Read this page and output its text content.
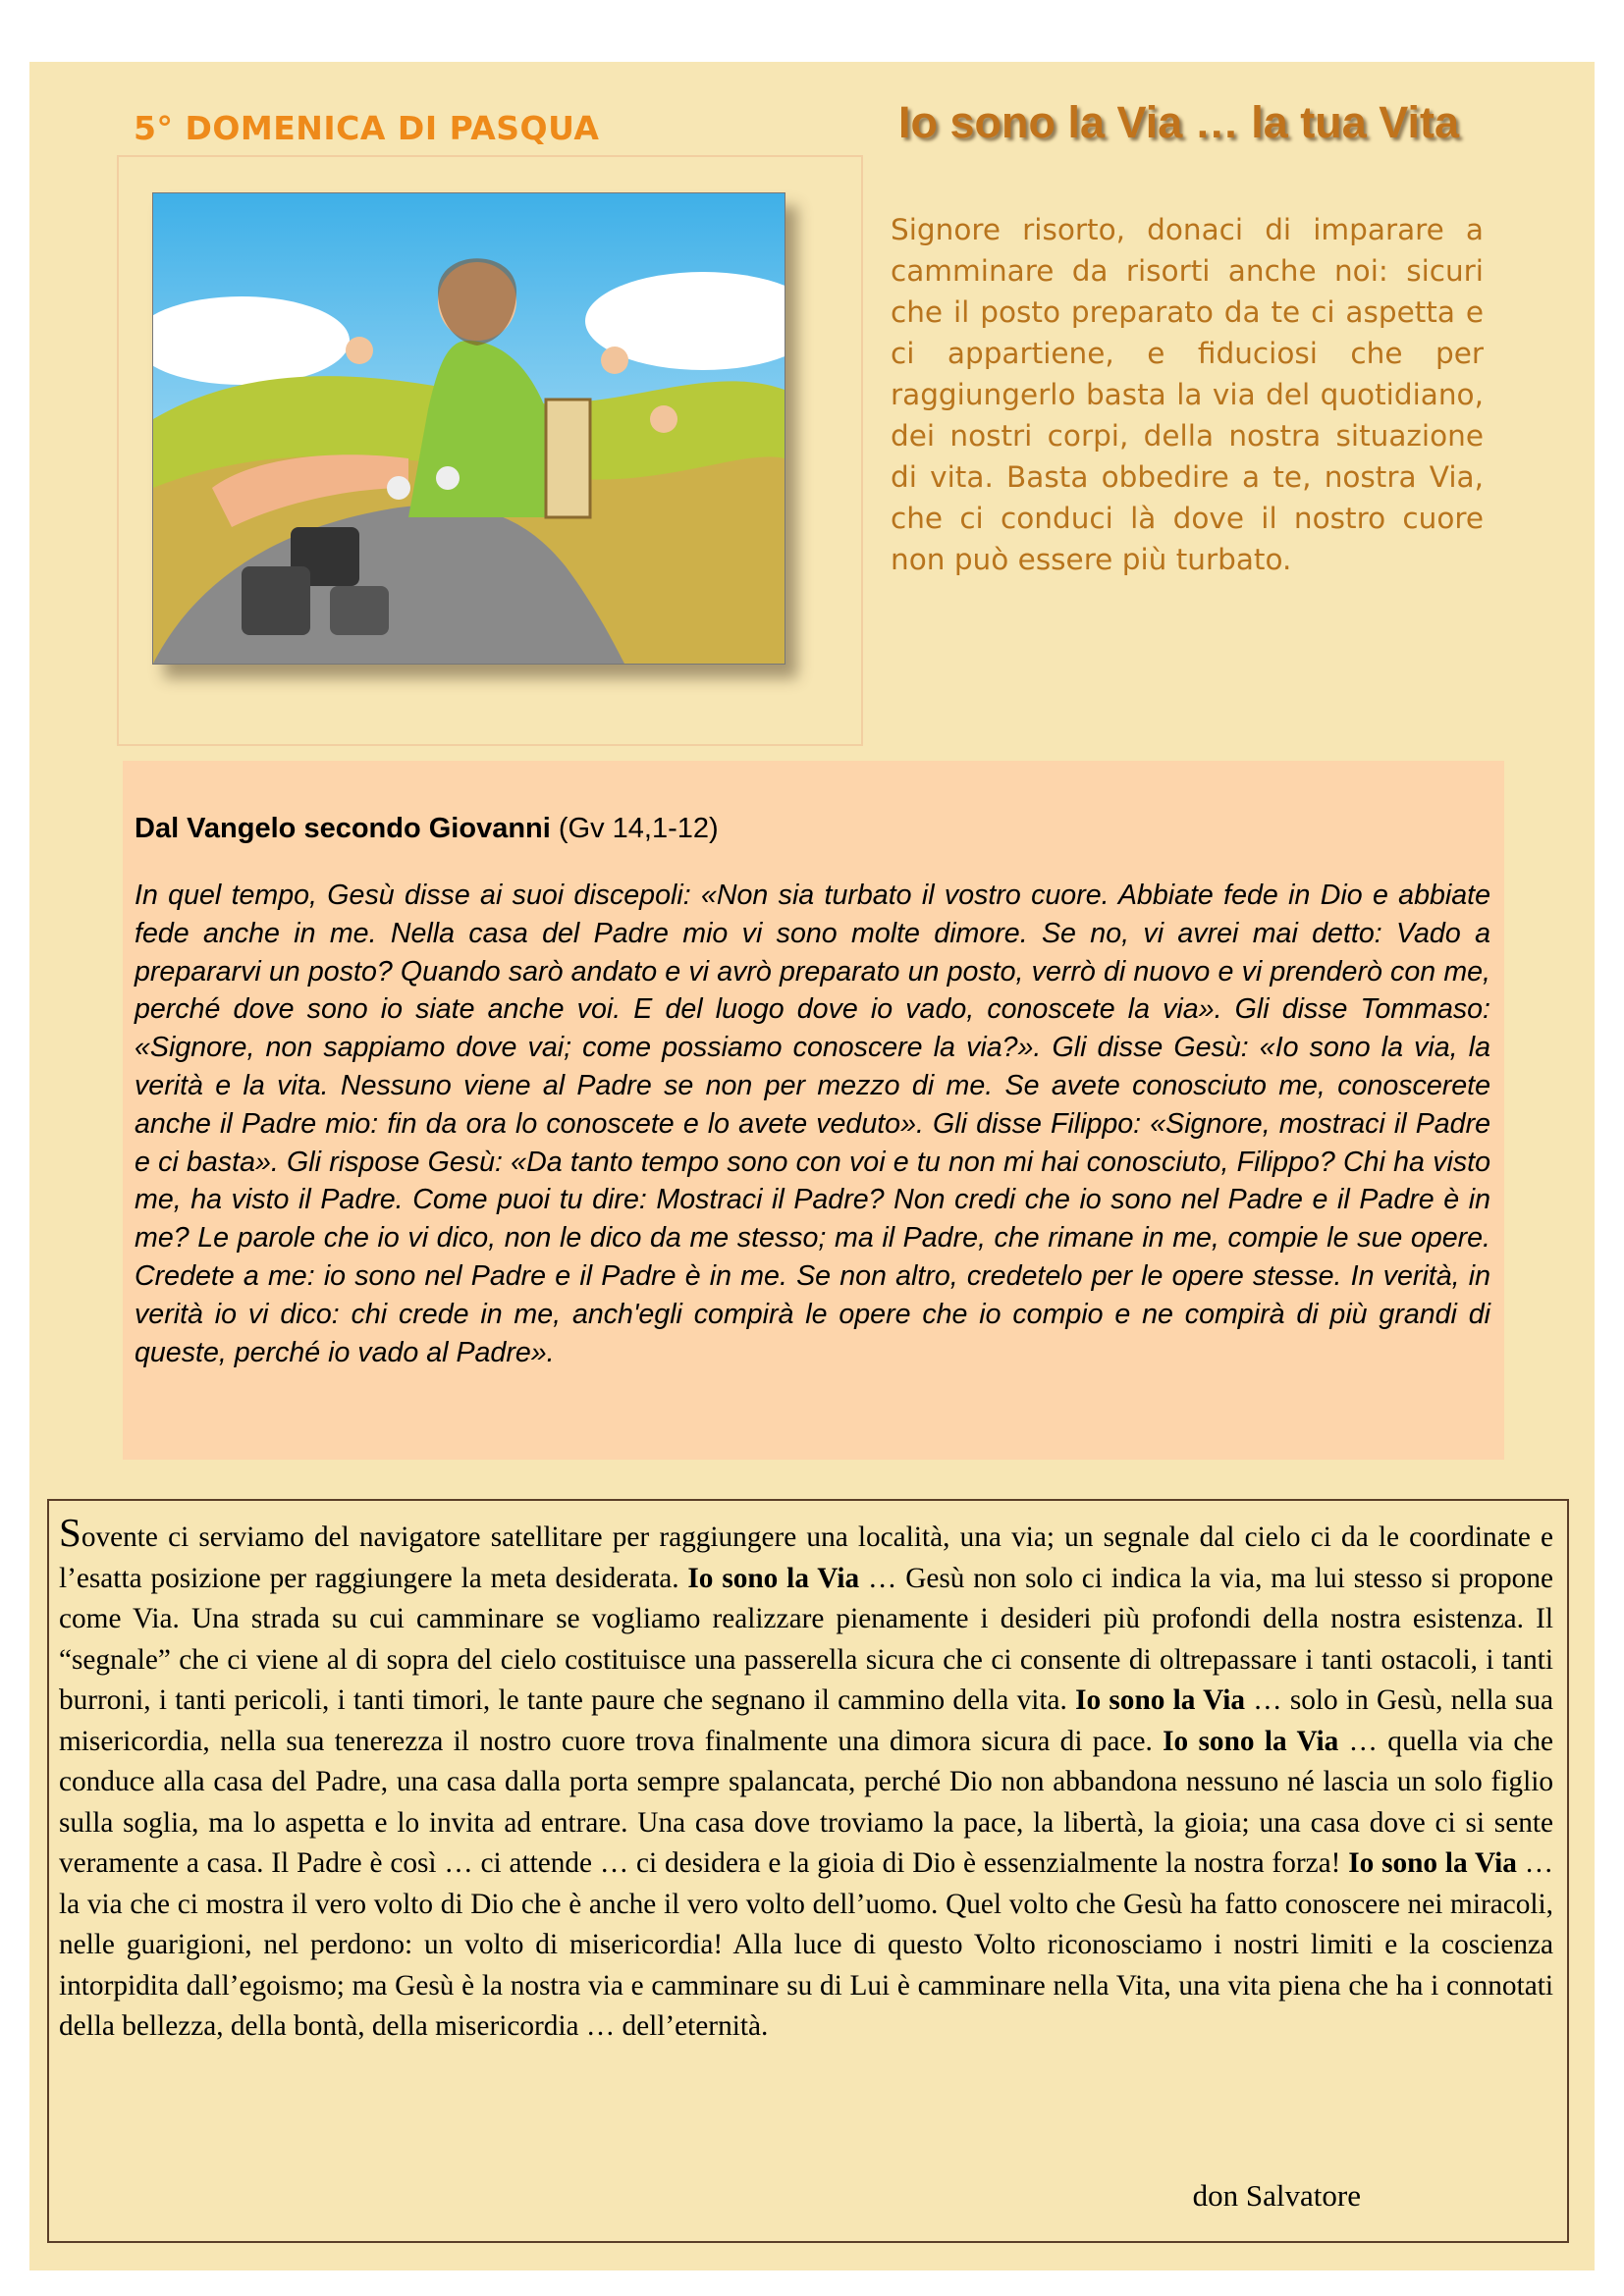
5° DOMENICA DI PASQUA	Io sono la Via … la tua Vita
Signore risorto, donaci di imparare a camminare da risorti anche noi: sicuri che il posto preparato da te ci aspetta e ci appartiene, e fiduciosi che per raggiungerlo basta la via del quotidiano, dei nostri corpi, della nostra situazione di vita. Basta obbedire a te, nostra Via, che ci conduci là dove il nostro cuore non può essere più turbato.
Dal Vangelo secondo Giovanni (Gv 14,1-12)
In quel tempo, Gesù disse ai suoi discepoli: «Non sia turbato il vostro cuore. Abbiate fede in Dio e abbiate fede anche in me. Nella casa del Padre mio vi sono molte dimore. Se no, vi avrei mai detto: Vado a prepararvi un posto? Quando sarò andato e vi avrò preparato un posto, verrò di nuovo e vi prenderò con me, perché dove sono io siate anche voi. E del luogo dove io vado, conoscete la via». Gli disse Tommaso: «Signore, non sappiamo dove vai; come possiamo conoscere la via?». Gli disse Gesù: «Io sono la via, la verità e la vita. Nessuno viene al Padre se non per mezzo di me. Se avete conosciuto me, conoscerete anche il Padre mio: fin da ora lo conoscete e lo avete veduto». Gli disse Filippo: «Signore, mostraci il Padre e ci basta». Gli rispose Gesù: «Da tanto tempo sono con voi e tu non mi hai conosciuto, Filippo? Chi ha visto me, ha visto il Padre. Come puoi tu dire: Mostraci il Padre? Non credi che io sono nel Padre e il Padre è in me? Le parole che io vi dico, non le dico da me stesso; ma il Padre, che rimane in me, compie le sue opere. Credete a me: io sono nel Padre e il Padre è in me. Se non altro, credetelo per le opere stesse. In verità, in verità io vi dico: chi crede in me, anch'egli compirà le opere che io compio e ne compirà di più grandi di queste, perché io vado al Padre».
Sovente ci serviamo del navigatore satellitare per raggiungere una località, una via; un segnale dal cielo ci da le coordinate e l’esatta posizione per raggiungere la meta desiderata. Io sono la Via … Gesù non solo ci indica la via, ma lui stesso si propone come Via. Una strada su cui camminare se vogliamo realizzare pienamente i desideri più profondi della nostra esistenza. Il “segnale” che ci viene al di sopra del cielo costituisce una passerella sicura che ci consente di oltrepassare i tanti ostacoli, i tanti burroni, i tanti pericoli, i tanti timori, le tante paure che segnano il cammino della vita. Io sono la Via … solo in Gesù, nella sua misericordia, nella sua tenerezza il nostro cuore trova finalmente una dimora sicura di pace. Io sono la Via … quella via che conduce alla casa del Padre, una casa dalla porta sempre spalancata, perché Dio non abbandona nessuno né lascia un solo figlio sulla soglia, ma lo aspetta e lo invita ad entrare. Una casa dove troviamo la pace, la libertà, la gioia; una casa dove ci si sente veramente a casa. Il Padre è così … ci attende … ci desidera e la gioia di Dio è essenzialmente la nostra forza! Io sono la Via … la via che ci mostra il vero volto di Dio che è anche il vero volto dell’uomo. Quel volto che Gesù ha fatto conoscere nei miracoli, nelle guarigioni, nel perdono: un volto di misericordia! Alla luce di questo Volto riconosciamo i nostri limiti e la coscienza intorpidita dall’egoismo; ma Gesù è la nostra via e camminare su di Lui è camminare nella Vita, una vita piena che ha i connotati della bellezza, della bontà, della misericordia … dell’eternità.
don Salvatore
